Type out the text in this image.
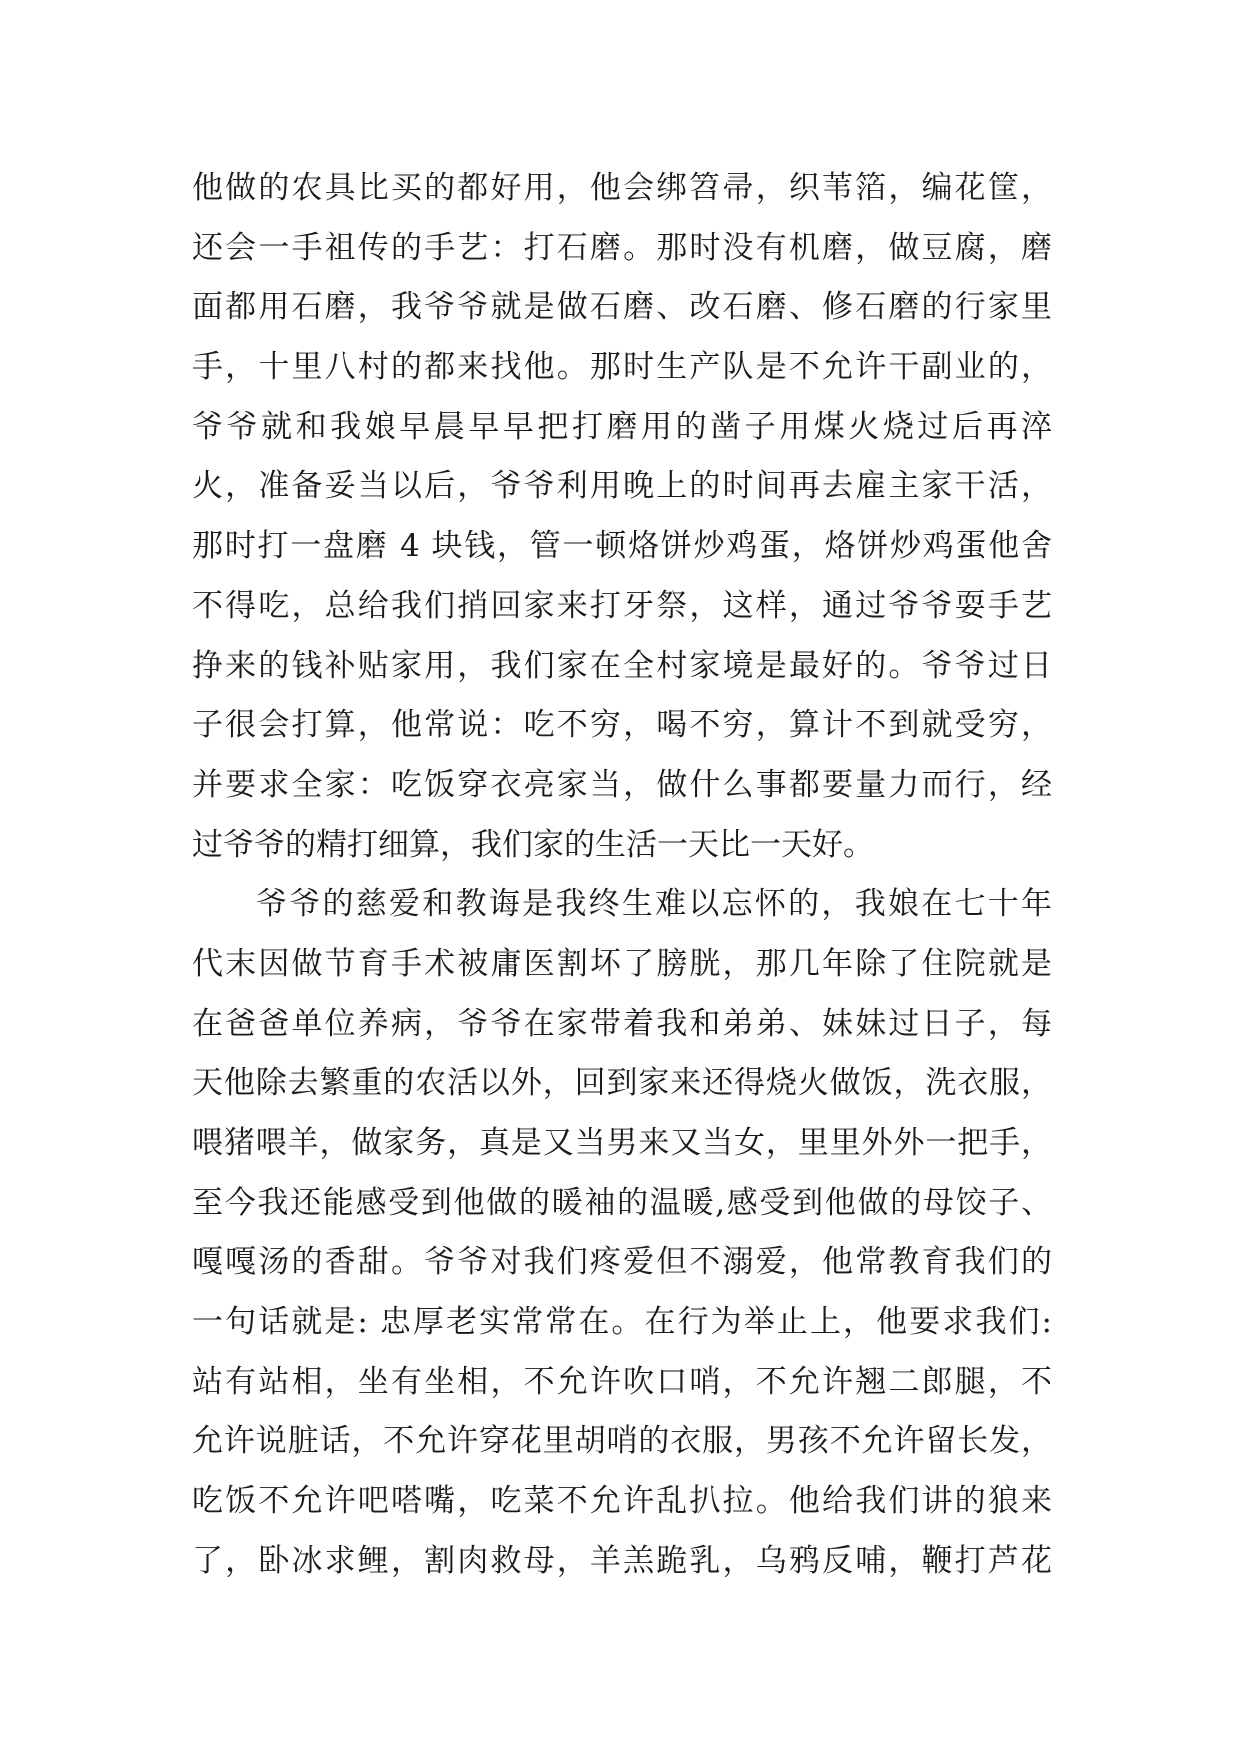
他做的农具比买的都好用，他会绑笤帚，织苇箔，编花筐，
还会一手祖传的手艺：打石磨。那时没有机磨，做豆腐，磨
面都用石磨，我爷爷就是做石磨、改石磨、修石磨的行家里
手，十里八村的都来找他。那时生产队是不允许干副业的，
爷爷就和我娘早晨早早把打磨用的凿子用煤火烧过后再淬
火，准备妥当以后，爷爷利用晚上的时间再去雇主家干活，
那时打一盘磨 4 块钱，管一顿烙饼炒鸡蛋，烙饼炒鸡蛋他舍
不得吃，总给我们捎回家来打牙祭，这样，通过爷爷耍手艺
挣来的钱补贴家用，我们家在全村家境是最好的。爷爷过日
子很会打算，他常说：吃不穷，喝不穷，算计不到就受穷，
并要求全家：吃饭穿衣亮家当，做什么事都要量力而行，经
过爷爷的精打细算，我们家的生活一天比一天好。
爷爷的慈爱和教诲是我终生难以忘怀的，我娘在七十年
代末因做节育手术被庸医割坏了膀胱，那几年除了住院就是
在爸爸单位养病，爷爷在家带着我和弟弟、妹妹过日子，每
天他除去繁重的农活以外，回到家来还得烧火做饭，洗衣服，
喂猪喂羊，做家务，真是又当男来又当女，里里外外一把手，
至今我还能感受到他做的暖袖的温暖,感受到他做的母饺子、
嘎嘎汤的香甜。爷爷对我们疼爱但不溺爱，他常教育我们的
一句话就是: 忠厚老实常常在。在行为举止上，他要求我们:
站有站相，坐有坐相，不允许吹口哨，不允许翘二郎腿，不
允许说脏话，不允许穿花里胡哨的衣服，男孩不允许留长发，
吃饭不允许吧嗒嘴，吃菜不允许乱扒拉。他给我们讲的狼来
了，卧冰求鲤，割肉救母，羊羔跪乳，乌鸦反哺，鞭打芦花
